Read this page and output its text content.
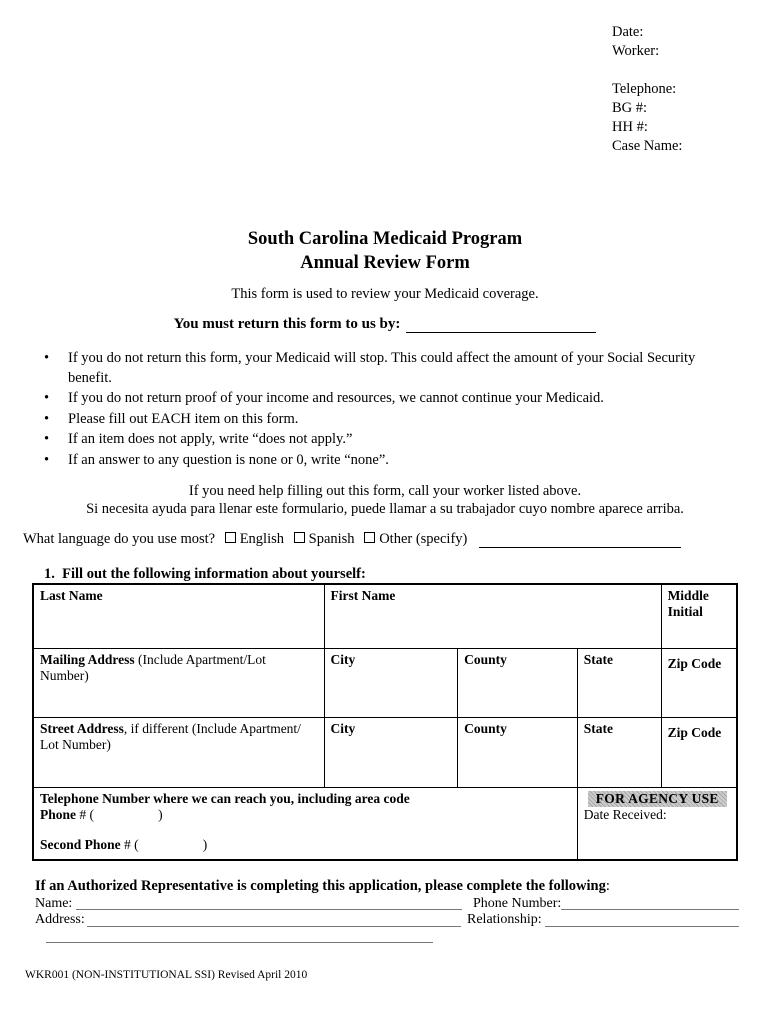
Date:
Worker:
Telephone:
BG #:
HH #:
Case Name:
South Carolina Medicaid Program
Annual Review Form
This form is used to review your Medicaid coverage.
You must return this form to us by:
• If you do not return this form, your Medicaid will stop. This could affect the amount of your Social Security benefit.
• If you do not return proof of your income and resources, we cannot continue your Medicaid.
• Please fill out EACH item on this form.
• If an item does not apply, write “does not apply.”
• If an answer to any question is none or 0, write “none”.
If you need help filling out this form, call your worker listed above.
Si necesita ayuda para llenar este formulario, puede llamar a su trabajador cuyo nombre aparece arriba.
What language do you use most? English Spanish Other (specify)
1.  Fill out the following information about yourself:
Last Name	First Name			Middle
Initial
Mailing Address (Include Apartment/Lot Number)	City	County	State	Zip Code
Street Address, if different (Include Apartment/ Lot Number)	City	County	State	Zip Code
Telephone Number where we can reach you, including area code
Phone # (                   )

Second Phone # (                   )			FOR AGENCY USE
Date Received:	
If an Authorized Representative is completing this application, please complete the following:
Name:	Phone Number:
Address:	Relationship:
WKR001 (NON-INSTITUTIONAL SSI) Revised April 2010
